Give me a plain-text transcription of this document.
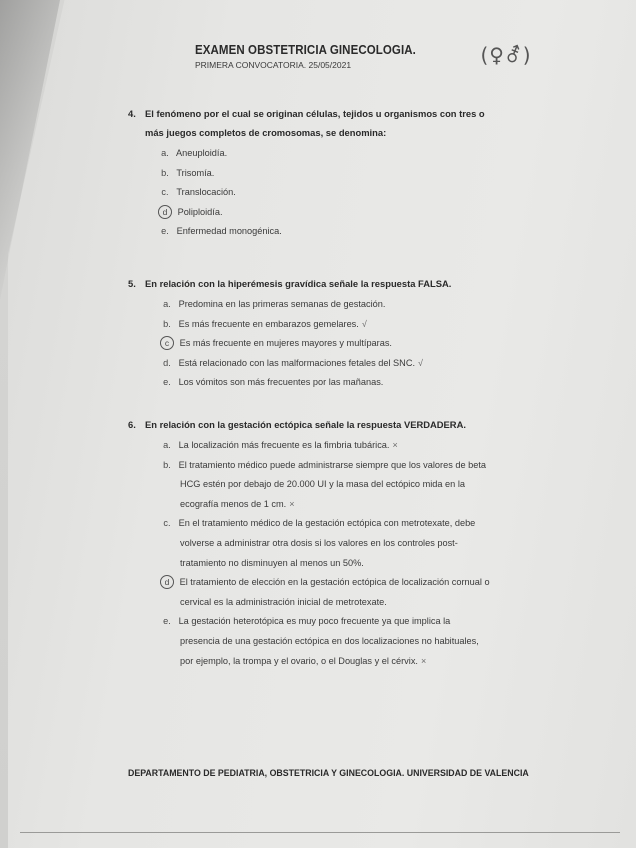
EXAMEN OBSTETRICIA GINECOLOGIA.
PRIMERA CONVOCATORIA. 25/05/2021	(♀⚦)
4. El fenómeno por el cual se originan células, tejidos u organismos con tres o
más juegos completos de cromosomas, se denomina:
a. Aneuploidía.
b. Trisomía.
c. Translocación.
d Poliploidía.
e. Enfermedad monogénica.
5. En relación con la hiperémesis gravídica señale la respuesta FALSA.
a. Predomina en las primeras semanas de gestación.
b. Es más frecuente en embarazos gemelares. √
c Es más frecuente en mujeres mayores y multíparas.
d. Está relacionado con las malformaciones fetales del SNC. √
e. Los vómitos son más frecuentes por las mañanas.
6. En relación con la gestación ectópica señale la respuesta VERDADERA.
a. La localización más frecuente es la fimbria tubárica. ×
b. El tratamiento médico puede administrarse siempre que los valores de beta
HCG estén por debajo de 20.000 UI y la masa del ectópico mida en la
ecografía menos de 1 cm. ×
c. En el tratamiento médico de la gestación ectópica con metrotexate, debe
volverse a administrar otra dosis si los valores en los controles post-
tratamiento no disminuyen al menos un 50%.
d El tratamiento de elección en la gestación ectópica de localización cornual o
cervical es la administración inicial de metrotexate.
e. La gestación heterotópica es muy poco frecuente ya que implica la
presencia de una gestación ectópica en dos localizaciones no habituales,
por ejemplo, la trompa y el ovario, o el Douglas y el cérvix. ×
DEPARTAMENTO DE PEDIATRIA, OBSTETRICIA Y GINECOLOGIA. UNIVERSIDAD DE VALENCIA
